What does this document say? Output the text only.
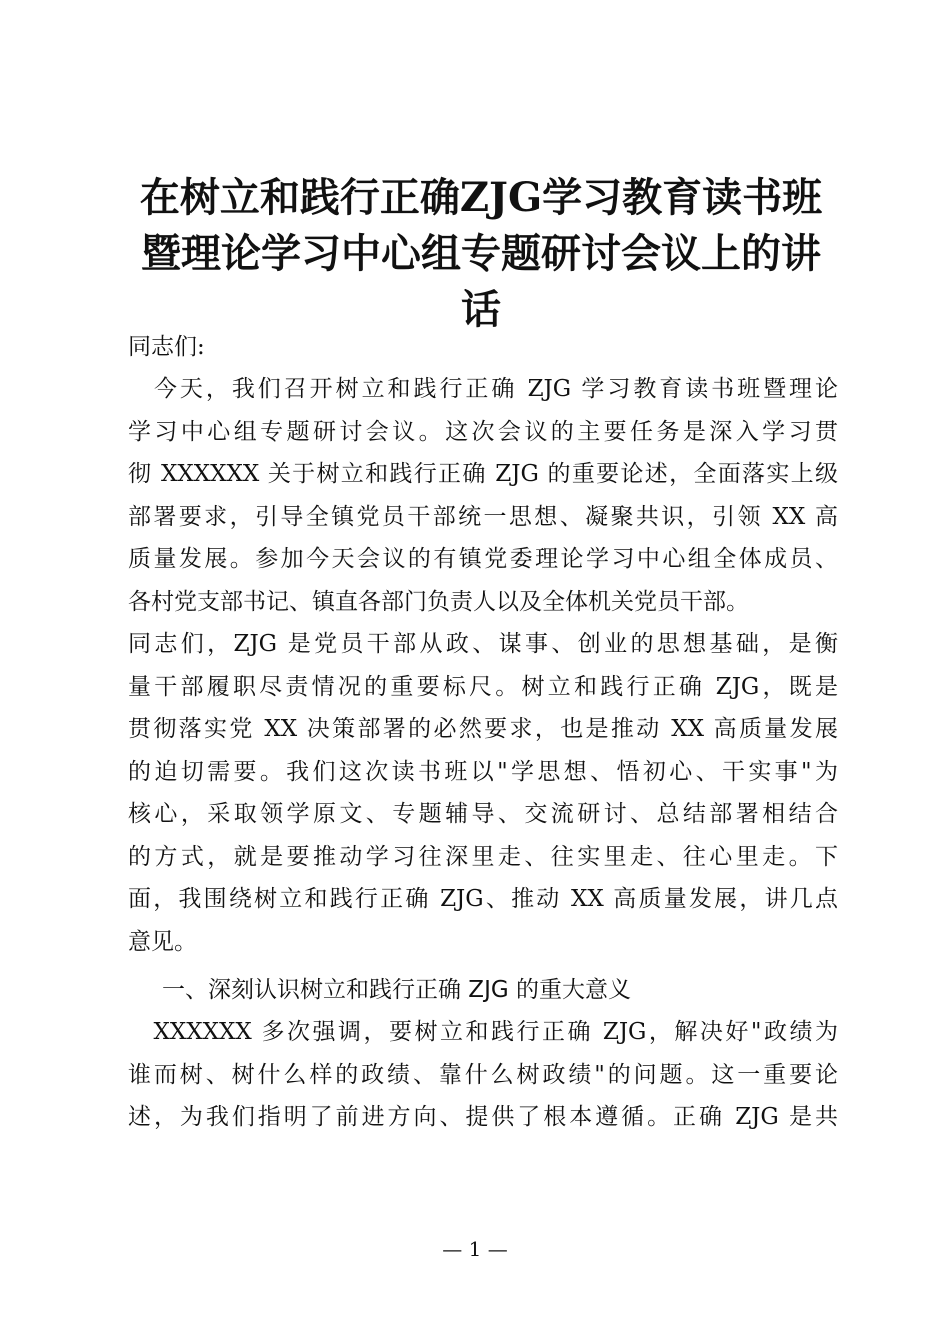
在树立和践行正确ZJG学习教育读书班
暨理论学习中心组专题研讨会议上的讲
话
同志们:
　今天，我们召开树立和践行正确 ZJG 学习教育读书班暨理论
学习中心组专题研讨会议。这次会议的主要任务是深入学习贯
彻 XXXXXX 关于树立和践行正确 ZJG 的重要论述，全面落实上级
部署要求，引导全镇党员干部统一思想、凝聚共识，引领 XX 高
质量发展。参加今天会议的有镇党委理论学习中心组全体成员、
各村党支部书记、镇直各部门负责人以及全体机关党员干部。
同志们，ZJG 是党员干部从政、谋事、创业的思想基础，是衡
量干部履职尽责情况的重要标尺。树立和践行正确 ZJG，既是
贯彻落实党 XX 决策部署的必然要求，也是推动 XX 高质量发展
的迫切需要。我们这次读书班以"学思想、悟初心、干实事"为
核心，采取领学原文、专题辅导、交流研讨、总结部署相结合
的方式，就是要推动学习往深里走、往实里走、往心里走。下
面，我围绕树立和践行正确 ZJG、推动 XX 高质量发展，讲几点
意见。
一、深刻认识树立和践行正确 ZJG 的重大意义
　XXXXXX 多次强调，要树立和践行正确 ZJG，解决好"政绩为
谁而树、树什么样的政绩、靠什么树政绩"的问题。这一重要论
述，为我们指明了前进方向、提供了根本遵循。正确 ZJG 是共
— 1 —
